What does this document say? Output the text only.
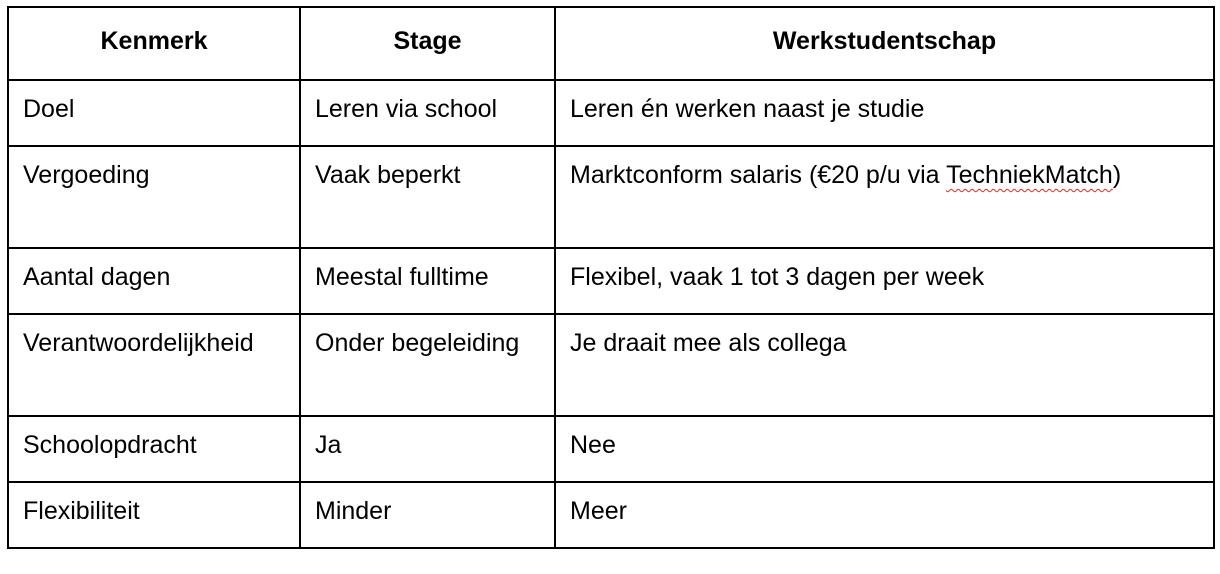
Kenmerk	Stage	Werkstudentschap
Doel	Leren via school	Leren én werken naast je studie
Vergoeding	Vaak beperkt	Marktconform salaris (€20 p/u via TechniekMatch)
Aantal dagen	Meestal fulltime	Flexibel, vaak 1 tot 3 dagen per week

Verantwoordelijkheid	Onder begeleiding	Je draait mee als collega
Schoolopdracht	Ja	Nee
Flexibiliteit	Minder	Meer
